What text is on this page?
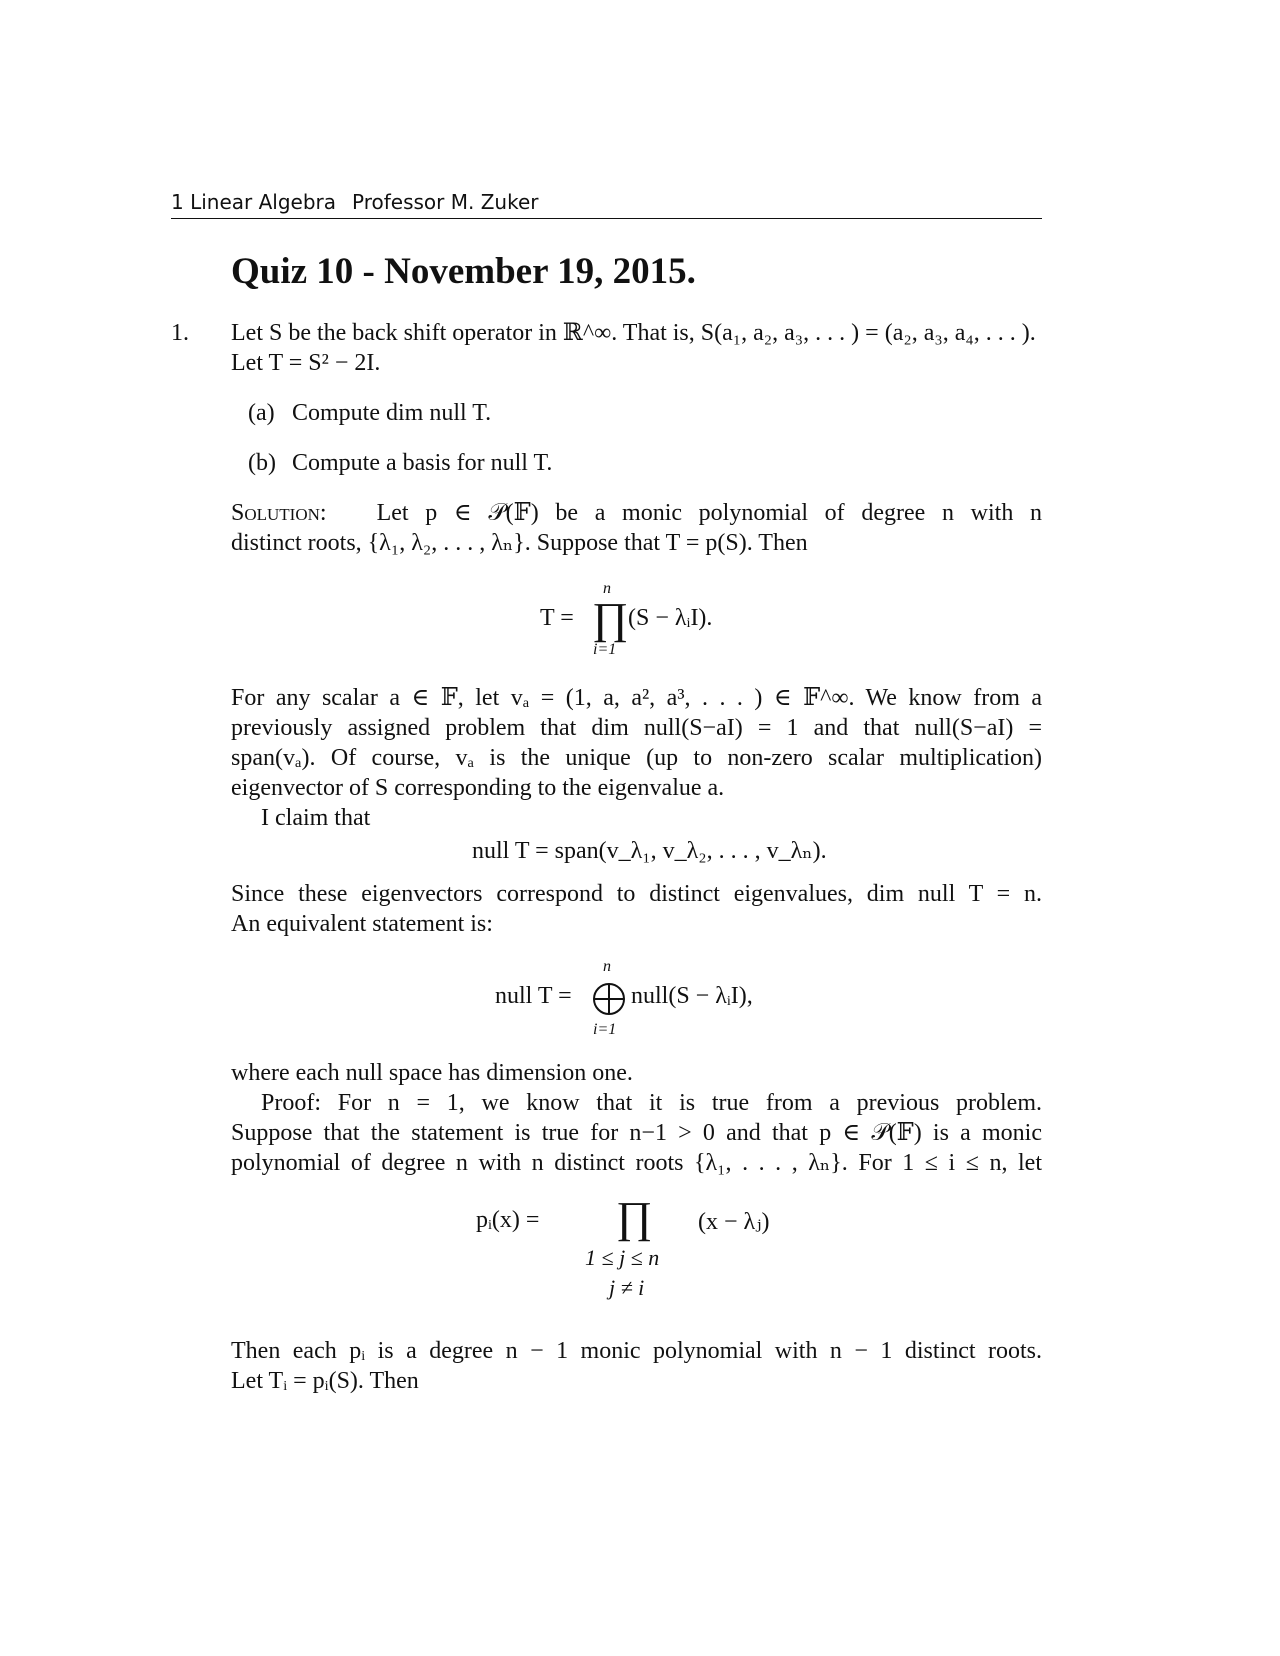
1 Linear Algebra Professor M. Zuker
Quiz 10 - November 19, 2015.
1. Let S be the back shift operator in ℝ^∞. That is, S(a₁, a₂, a₃, . . . ) = (a₂, a₃, a₄, . . . ).
Let T = S² − 2I.
(a) Compute dim null T.
(b) Compute a basis for null T.
Solution: Let p ∈ 𝒫(𝔽) be a monic polynomial of degree n with n
distinct roots, {λ₁, λ₂, . . . , λₙ}. Suppose that T = p(S). Then
T =
n
∏
i=1
(S − λᵢI).
For any scalar a ∈ 𝔽, let vₐ = (1, a, a², a³, . . . ) ∈ 𝔽^∞. We know from a
previously assigned problem that dim null(S−aI) = 1 and that null(S−aI) =
span(vₐ). Of course, vₐ is the unique (up to non-zero scalar multiplication)
eigenvector of S corresponding to the eigenvalue a.
I claim that
null T = span(v_λ₁, v_λ₂, . . . , v_λₙ).
Since these eigenvectors correspond to distinct eigenvalues, dim null T = n.
An equivalent statement is:
null T =
n
i=1
null(S − λᵢI),
where each null space has dimension one.
Proof: For n = 1, we know that it is true from a previous problem.
Suppose that the statement is true for n−1 > 0 and that p ∈ 𝒫(𝔽) is a monic
polynomial of degree n with n distinct roots {λ₁, . . . , λₙ}. For 1 ≤ i ≤ n, let
pᵢ(x) = ∏ (x − λⱼ)
1 ≤ j ≤ n
j ≠ i
Then each pᵢ is a degree n − 1 monic polynomial with n − 1 distinct roots.
Let Tᵢ = pᵢ(S). Then
